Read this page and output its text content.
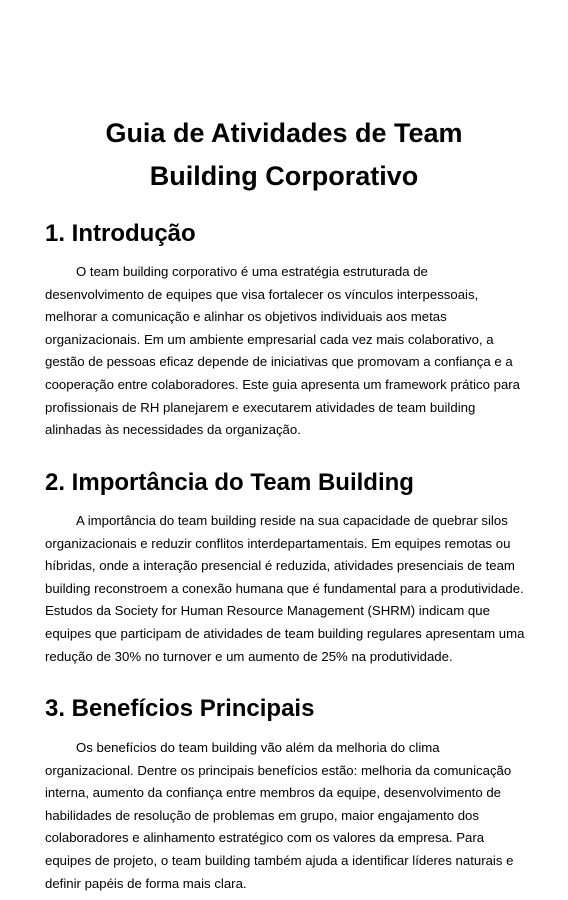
Guia de Atividades de Team Building Corporativo
1. Introdução

O team building corporativo é uma estratégia estruturada de desenvolvimento de equipes que visa fortalecer os vínculos interpessoais, melhorar a comunicação e alinhar os objetivos individuais aos metas organizacionais. Em um ambiente empresarial cada vez mais colaborativo, a gestão de pessoas eficaz depende de iniciativas que promovam a confiança e a cooperação entre colaboradores. Este guia apresenta um framework prático para profissionais de RH planejarem e executarem atividades de team building alinhadas às necessidades da organização.

2. Importância do Team Building

A importância do team building reside na sua capacidade de quebrar silos organizacionais e reduzir conflitos interdepartamentais. Em equipes remotas ou híbridas, onde a interação presencial é reduzida, atividades presenciais de team building reconstroem a conexão humana que é fundamental para a produtividade. Estudos da Society for Human Resource Management (SHRM) indicam que equipes que participam de atividades de team building regulares apresentam uma redução de 30% no turnover e um aumento de 25% na produtividade.

3. Benefícios Principais

Os benefícios do team building vão além da melhoria do clima organizacional. Dentre os principais benefícios estão: melhoria da comunicação interna, aumento da confiança entre membros da equipe, desenvolvimento de habilidades de resolução de problemas em grupo, maior engajamento dos colaboradores e alinhamento estratégico com os valores da empresa. Para equipes de projeto, o team building também ajuda a identificar líderes naturais e definir papéis de forma mais clara.
